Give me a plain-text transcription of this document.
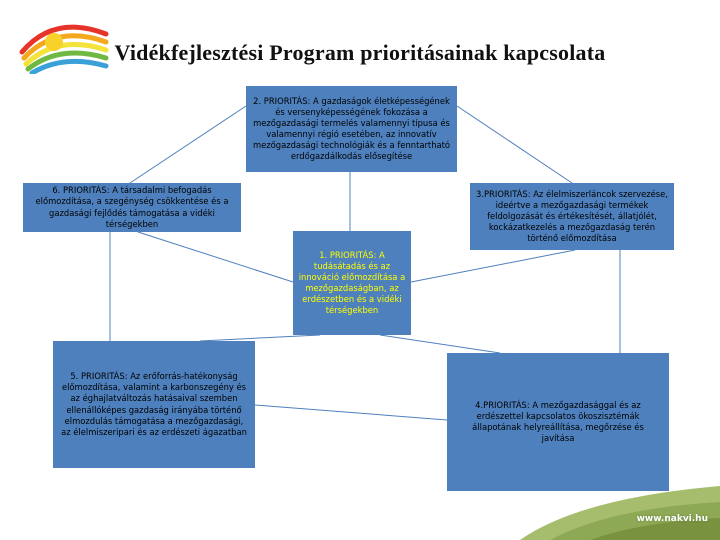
Vidékfejlesztési Program prioritásainak kapcsolata
2. PRIORITÁS: A gazdaságok életképességének és versenyképességének fokozása a mezőgazdasági termelés valamennyi típusa és valamennyi régió esetében, az innovatív mezőgazdasági technológiák és a fenntartható erdőgazdálkodás elősegítése
6. PRIORITÁS: A társadalmi befogadás előmozdítása, a szegénység csökkentése és a gazdasági fejlődés támogatása a vidéki térségekben
3.PRIORITÁS: Az élelmiszerláncok szervezése, ideértve a mezőgazdasági termékek feldolgozását és értékesítését, állatjólét, kockázatkezelés a mezőgazdaság terén történő előmozdítása
1. PRIORITÁS: A tudásátadás és az innováció előmozdítása a mezőgazdaságban, az erdészetben és a vidéki térségekben
5. PRIORITÁS: Az erőforrás-hatékonyság előmozdítása, valamint a karbonszegény és az éghajlatváltozás hatásaival szemben ellenállóképes gazdaság irányába történő elmozdulás támogatása a mezőgazdasági, az élelmiszeripari és az erdészeti ágazatban
4.PRIORITÁS: A mezőgazdasággal és az erdészettel kapcsolatos ökoszisztémák állapotának helyreállítása, megőrzése és javítása
www.nakvi.hu
